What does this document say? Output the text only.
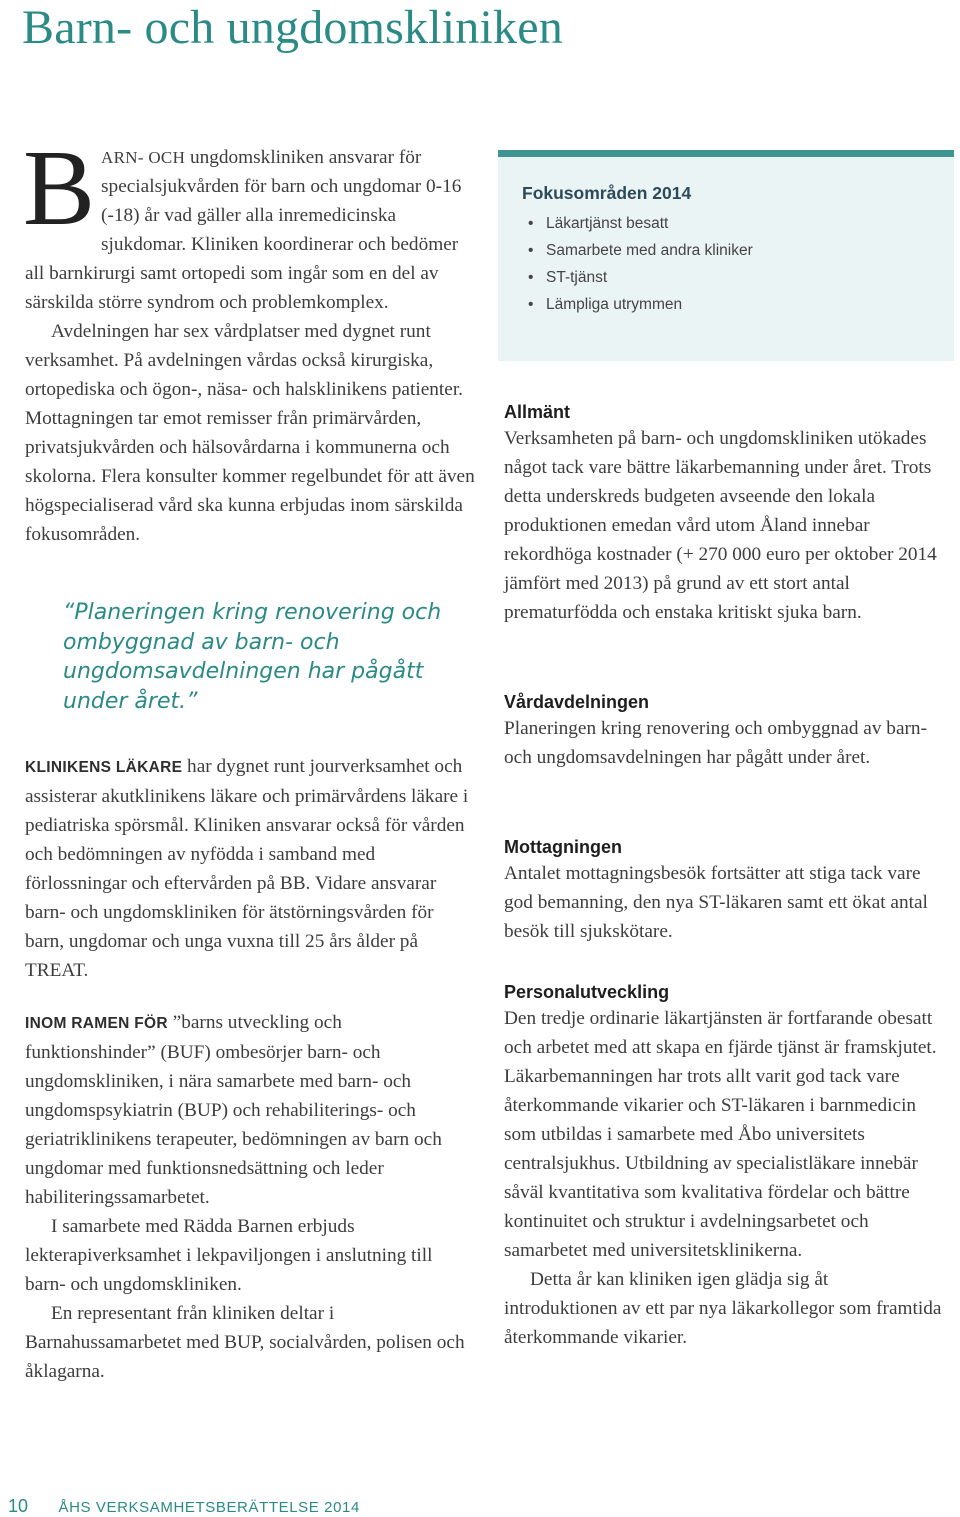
Barn- och ungdomskliniken

BARN- OCH ungdomskliniken ansvarar för specialsjukvården för barn och ungdomar 0-16 (-18) år vad gäller alla inremedicinska sjukdomar. Kliniken koordinerar och bedömer all barnkirurgi samt ortopedi som ingår som en del av särskilda större syndrom och problemkomplex.

Avdelningen har sex vårdplatser med dygnet runt verksamhet. På avdelningen vårdas också kirurgiska, ortopediska och ögon-, näsa- och halsklinikens patienter. Mottagningen tar emot remisser från primärvården, privatsjukvården och hälsovårdarna i kommunerna och skolorna. Flera konsulter kommer regelbundet för att även högspecialiserad vård ska kunna erbjudas inom särskilda fokusområden.

“Planeringen kring renovering och ombyggnad av barn- och ungdomsavdelningen har pågått under året.”

KLINIKENS LÄKARE har dygnet runt jourverksamhet och assisterar akutklinikens läkare och primärvårdens läkare i pediatriska spörsmål. Kliniken ansvarar också för vården och bedömningen av nyfödda i samband med förlossningar och eftervården på BB. Vidare ansvarar barn- och ungdomskliniken för ätstörningsvården för barn, ungdomar och unga vuxna till 25 års ålder på TREAT.

INOM RAMEN FÖR ”barns utveckling och funktionshinder” (BUF) ombesörjer barn- och ungdomskliniken, i nära samarbete med barn- och ungdomspsykiatrin (BUP) och rehabiliterings- och geriatriklinikens terapeuter, bedömningen av barn och ungdomar med funktionsnedsättning och leder habiliteringssamarbetet.

I samarbete med Rädda Barnen erbjuds lekterapiverksamhet i lekpaviljongen i anslutning till barn- och ungdomskliniken.

En representant från kliniken deltar i Barnahussamarbetet med BUP, socialvården, polisen och åklagarna.

Fokusområden 2014

• Läkartjänst besatt
• Samarbete med andra kliniker
• ST-tjänst
• Lämpliga utrymmen

Allmänt

Verksamheten på barn- och ungdomskliniken utökades något tack vare bättre läkarbemanning under året. Trots detta underskreds budgeten avseende den lokala produktionen emedan vård utom Åland innebar rekordhöga kostnader (+ 270 000 euro per oktober 2014 jämfört med 2013) på grund av ett stort antal prematurfödda och enstaka kritiskt sjuka barn.

Vårdavdelningen

Planeringen kring renovering och ombyggnad av barn- och ungdomsavdelningen har pågått under året.

Mottagningen

Antalet mottagningsbesök fortsätter att stiga tack vare god bemanning, den nya ST-läkaren samt ett ökat antal besök till sjukskötare.

Personalutveckling

Den tredje ordinarie läkartjänsten är fortfarande obesatt och arbetet med att skapa en fjärde tjänst är framskjutet. Läkarbemanningen har trots allt varit god tack vare återkommande vikarier och ST-läkaren i barnmedicin som utbildas i samarbete med Åbo universitets centralsjukhus. Utbildning av specialistläkare innebär såväl kvantitativa som kvalitativa fördelar och bättre kontinuitet och struktur i avdelningsarbetet och samarbetet med universitetsklinikerna.

Detta år kan kliniken igen glädja sig åt introduktionen av ett par nya läkarkollegor som framtida återkommande vikarier.

10 ÅHS VERKSAMHETSBERÄTTELSE 2014
